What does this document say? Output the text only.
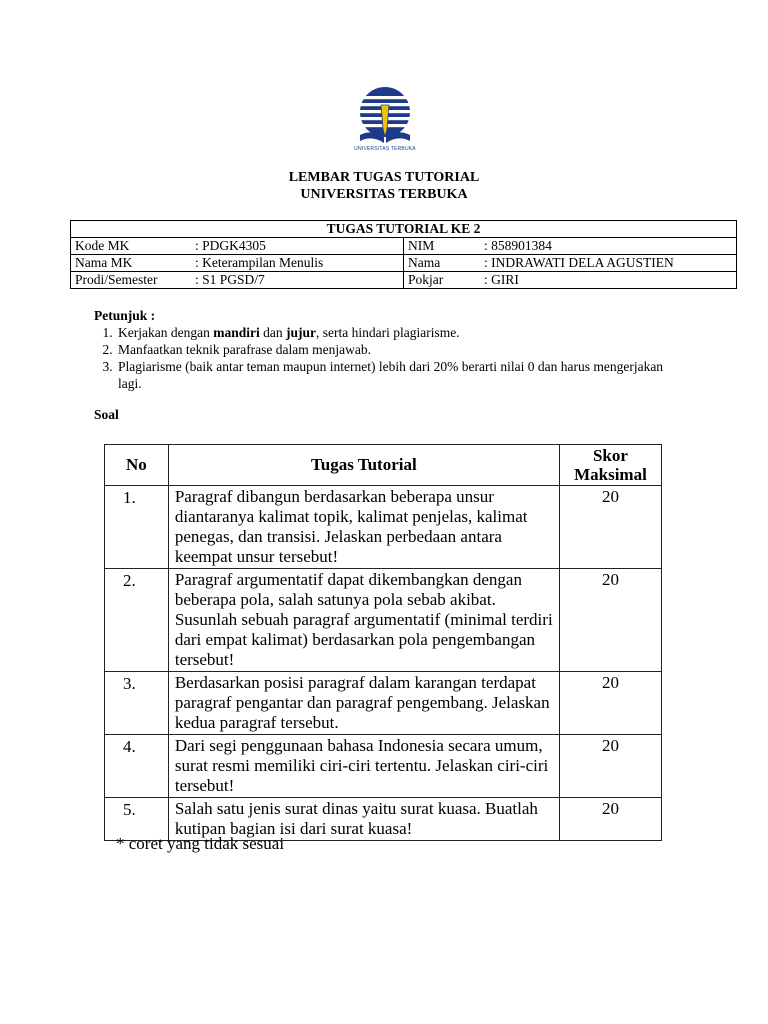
UNIVERSITAS TERBUKA
LEMBAR TUGAS TUTORIAL
UNIVERSITAS TERBUKA
TUGAS TUTORIAL KE 2			
Kode MK	: PDGK4305	NIM	: 858901384
Nama MK	: Keterampilan Menulis	Nama	: INDRAWATI DELA AGUSTIEN
Prodi/Semester	: S1 PGSD/7	Pokjar	: GIRI
Petunjuk :
1. Kerjakan dengan mandiri dan jujur, serta hindari plagiarisme.
2. Manfaatkan teknik parafrase dalam menjawab.
3. Plagiarisme (baik antar teman maupun internet) lebih dari 20% berarti nilai 0 dan harus mengerjakan lagi.
Soal
No	Tugas Tutorial	Skor
Maksimal
1.	Paragraf dibangun berdasarkan beberapa unsur diantaranya kalimat topik, kalimat penjelas, kalimat penegas, dan transisi. Jelaskan perbedaan antara keempat unsur tersebut!	20
2.	Paragraf argumentatif dapat dikembangkan dengan beberapa pola, salah satunya pola sebab akibat. Susunlah sebuah paragraf argumentatif (minimal terdiri dari empat kalimat) berdasarkan pola pengembangan tersebut!	20
3.	Berdasarkan posisi paragraf dalam karangan terdapat paragraf pengantar dan paragraf pengembang. Jelaskan kedua paragraf tersebut.	20
4.	Dari segi penggunaan bahasa Indonesia secara umum, surat resmi memiliki ciri-ciri tertentu. Jelaskan ciri-ciri tersebut!	20
5.	Salah satu jenis surat dinas yaitu surat kuasa. Buatlah kutipan bagian isi dari surat kuasa!	20
* coret yang tidak sesuai
